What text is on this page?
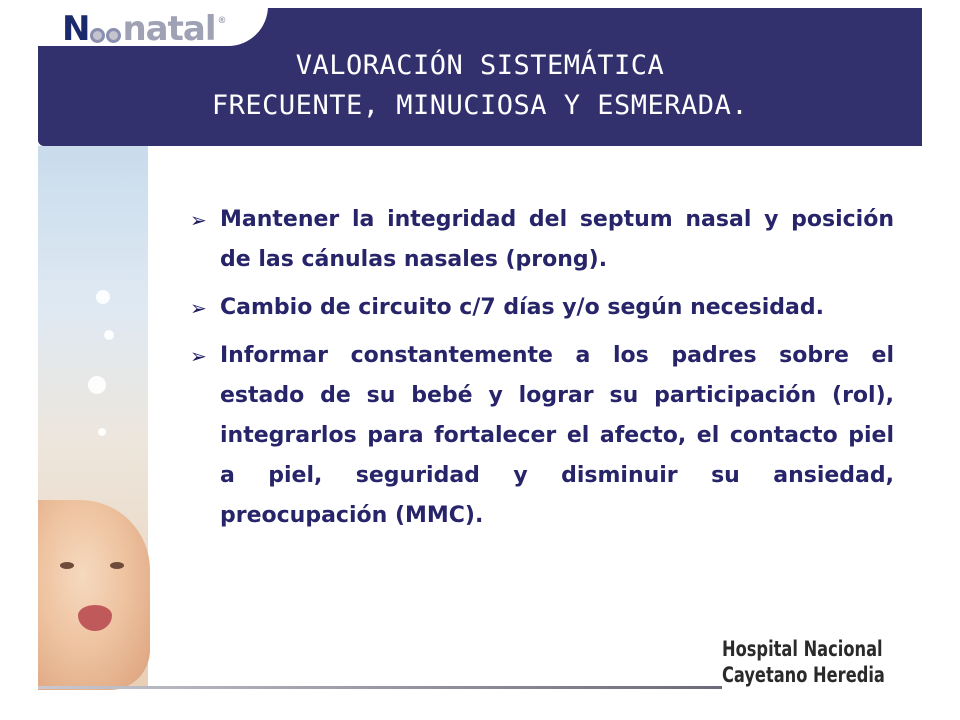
N natal ®
VALORACIÓN SISTEMÁTICA
FRECUENTE, MINUCIOSA Y ESMERADA.
➢ Mantener la integridad del septum nasal y posición de las cánulas nasales (prong).
➢ Cambio de circuito c/7 días y/o según necesidad.
➢ Informar constantemente a los padres sobre el estado de su bebé y lograr su participación (rol), integrarlos para fortalecer el afecto, el contacto piel a piel, seguridad y disminuir su ansiedad, preocupación (MMC).
Hospital Nacional
Cayetano Heredia
